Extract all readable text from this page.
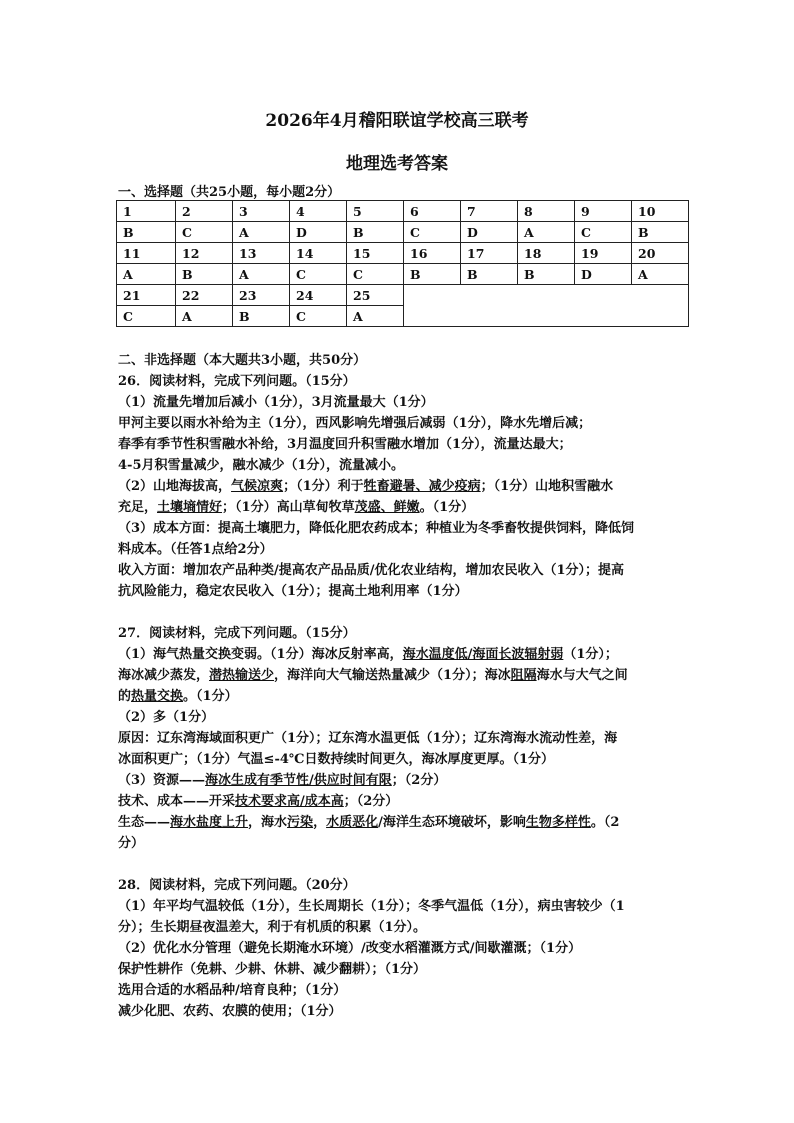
2026年4月稽阳联谊学校高三联考
地理选考答案
一、选择题（共25小题，每小题2分）
1	2	3	4	5	6	7	8	9	10
B	C	A	D	B	C	D	A	C	B
11	12	13	14	15	16	17	18	19	20
A	B	A	C	C	B	B	B	D	A
21	22	23	24	25					
C	A	B	C	A					

二、非选择题（本大题共3小题，共50分）

26．阅读材料，完成下列问题。（15分）

（1）流量先增加后减小（1分），3月流量最大（1分）

甲河主要以雨水补给为主（1分），西风影响先增强后减弱（1分），降水先增后减；

春季有季节性积雪融水补给，3月温度回升积雪融水增加（1分），流量达最大；

4-5月积雪量减少，融水减少（1分），流量减小。

（2）山地海拔高，气候凉爽；（1分）利于牲畜避暑、减少疫病；（1分）山地积雪融水

充足，土壤墒情好；（1分）高山草甸牧草茂盛、鲜嫩。（1分）

（3）成本方面：提高土壤肥力，降低化肥农药成本；种植业为冬季畜牧提供饲料，降低饲

料成本。（任答1点给2分）

收入方面：增加农产品种类/提高农产品品质/优化农业结构，增加农民收入（1分）；提高

抗风险能力，稳定农民收入（1分）；提高土地利用率（1分）

27．阅读材料，完成下列问题。（15分）

（1）海气热量交换变弱。（1分）海冰反射率高，海水温度低/海面长波辐射弱（1分）；

海冰减少蒸发，潜热输送少，海洋向大气输送热量减少（1分）；海冰阻隔海水与大气之间

的热量交换。（1分）

（2）多（1分）

原因：辽东湾海域面积更广（1分）；辽东湾水温更低（1分）；辽东湾海水流动性差，海

冰面积更广；（1分）气温≤-4℃日数持续时间更久，海冰厚度更厚。（1分）

（3）资源——海冰生成有季节性/供应时间有限；（2分）

技术、成本——开采技术要求高/成本高；（2分）

生态——海水盐度上升，海水污染，水质恶化/海洋生态环境破坏，影响生物多样性。（2

分）

28．阅读材料，完成下列问题。（20分）

（1）年平均气温较低（1分），生长周期长（1分）；冬季气温低（1分），病虫害较少（1

分）；生长期昼夜温差大，利于有机质的积累（1分）。

（2）优化水分管理（避免长期淹水环境）/改变水稻灌溉方式/间歇灌溉；（1分）

保护性耕作（免耕、少耕、休耕、减少翻耕）；（1分）

选用合适的水稻品种/培育良种；（1分）

减少化肥、农药、农膜的使用；（1分）
